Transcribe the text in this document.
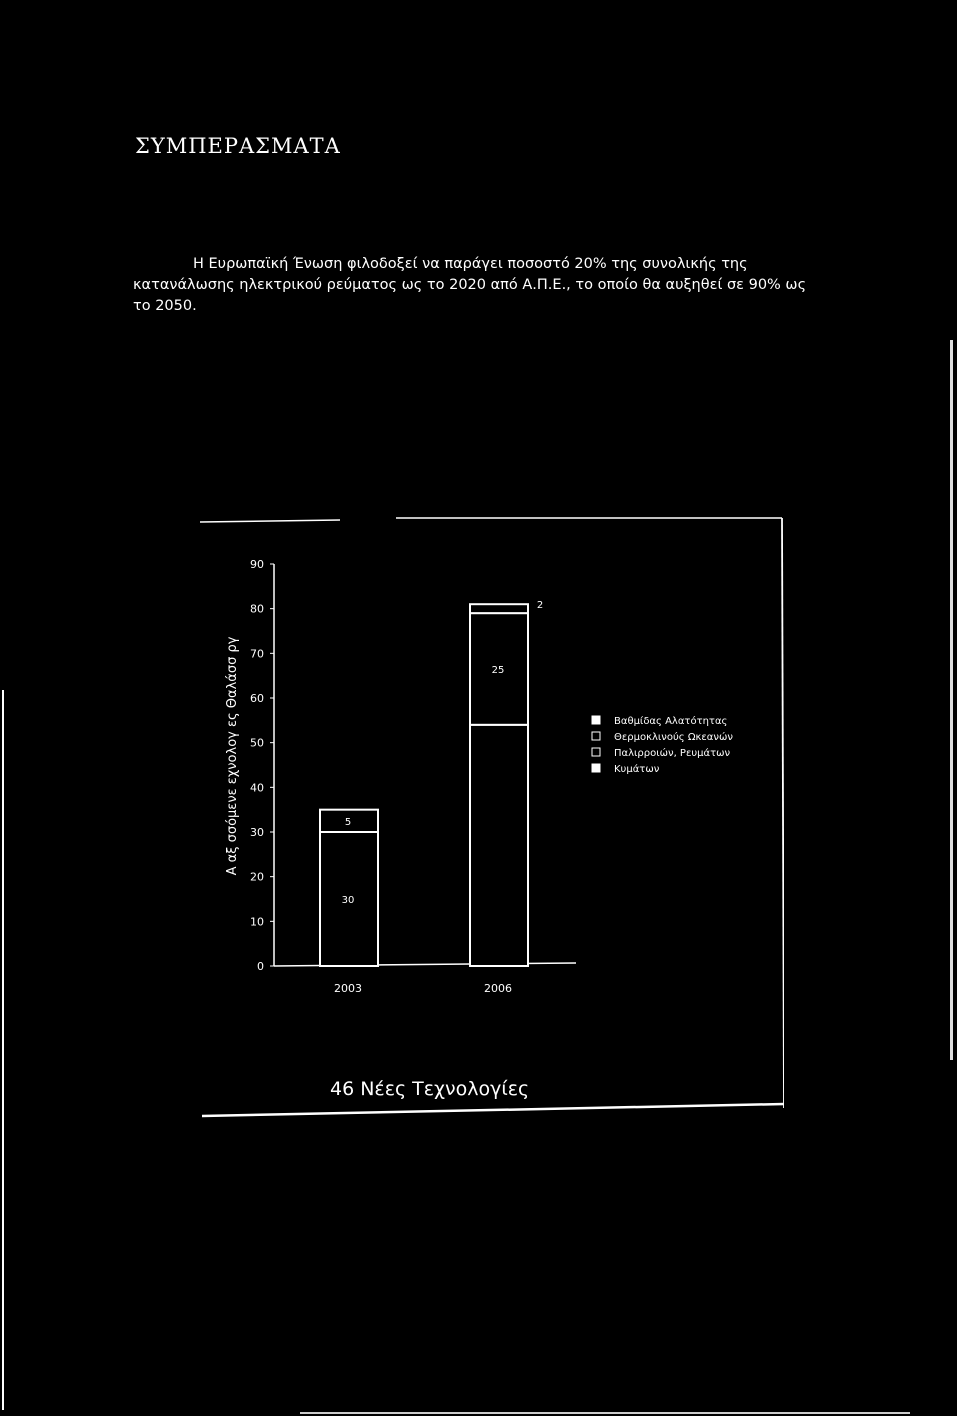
ΣΥΜΠΕΡΑΣΜΑΤΑ
Η Ευρωπαϊκή Ένωση φιλοδοξεί να παράγει ποσοστό 20% της συνολικής της
κατανάλωσης ηλεκτρικού ρεύματος ως το 2020 από Α.Π.Ε., το οποίο θα αυξηθεί σε 90% ως
το 2050.
Α αξ σσόμενε εχνολογ ες Θαλάσσ ργ
0
10
20
30
40
50
60
70
80
90
30
5
25
2
2003	2006
Βαθμίδας Αλατότητας
Θερμοκλινούς Ωκεανών
Παλιρροιών, Ρευμάτων
Κυμάτων
46 Νέες Τεχνολογίες
